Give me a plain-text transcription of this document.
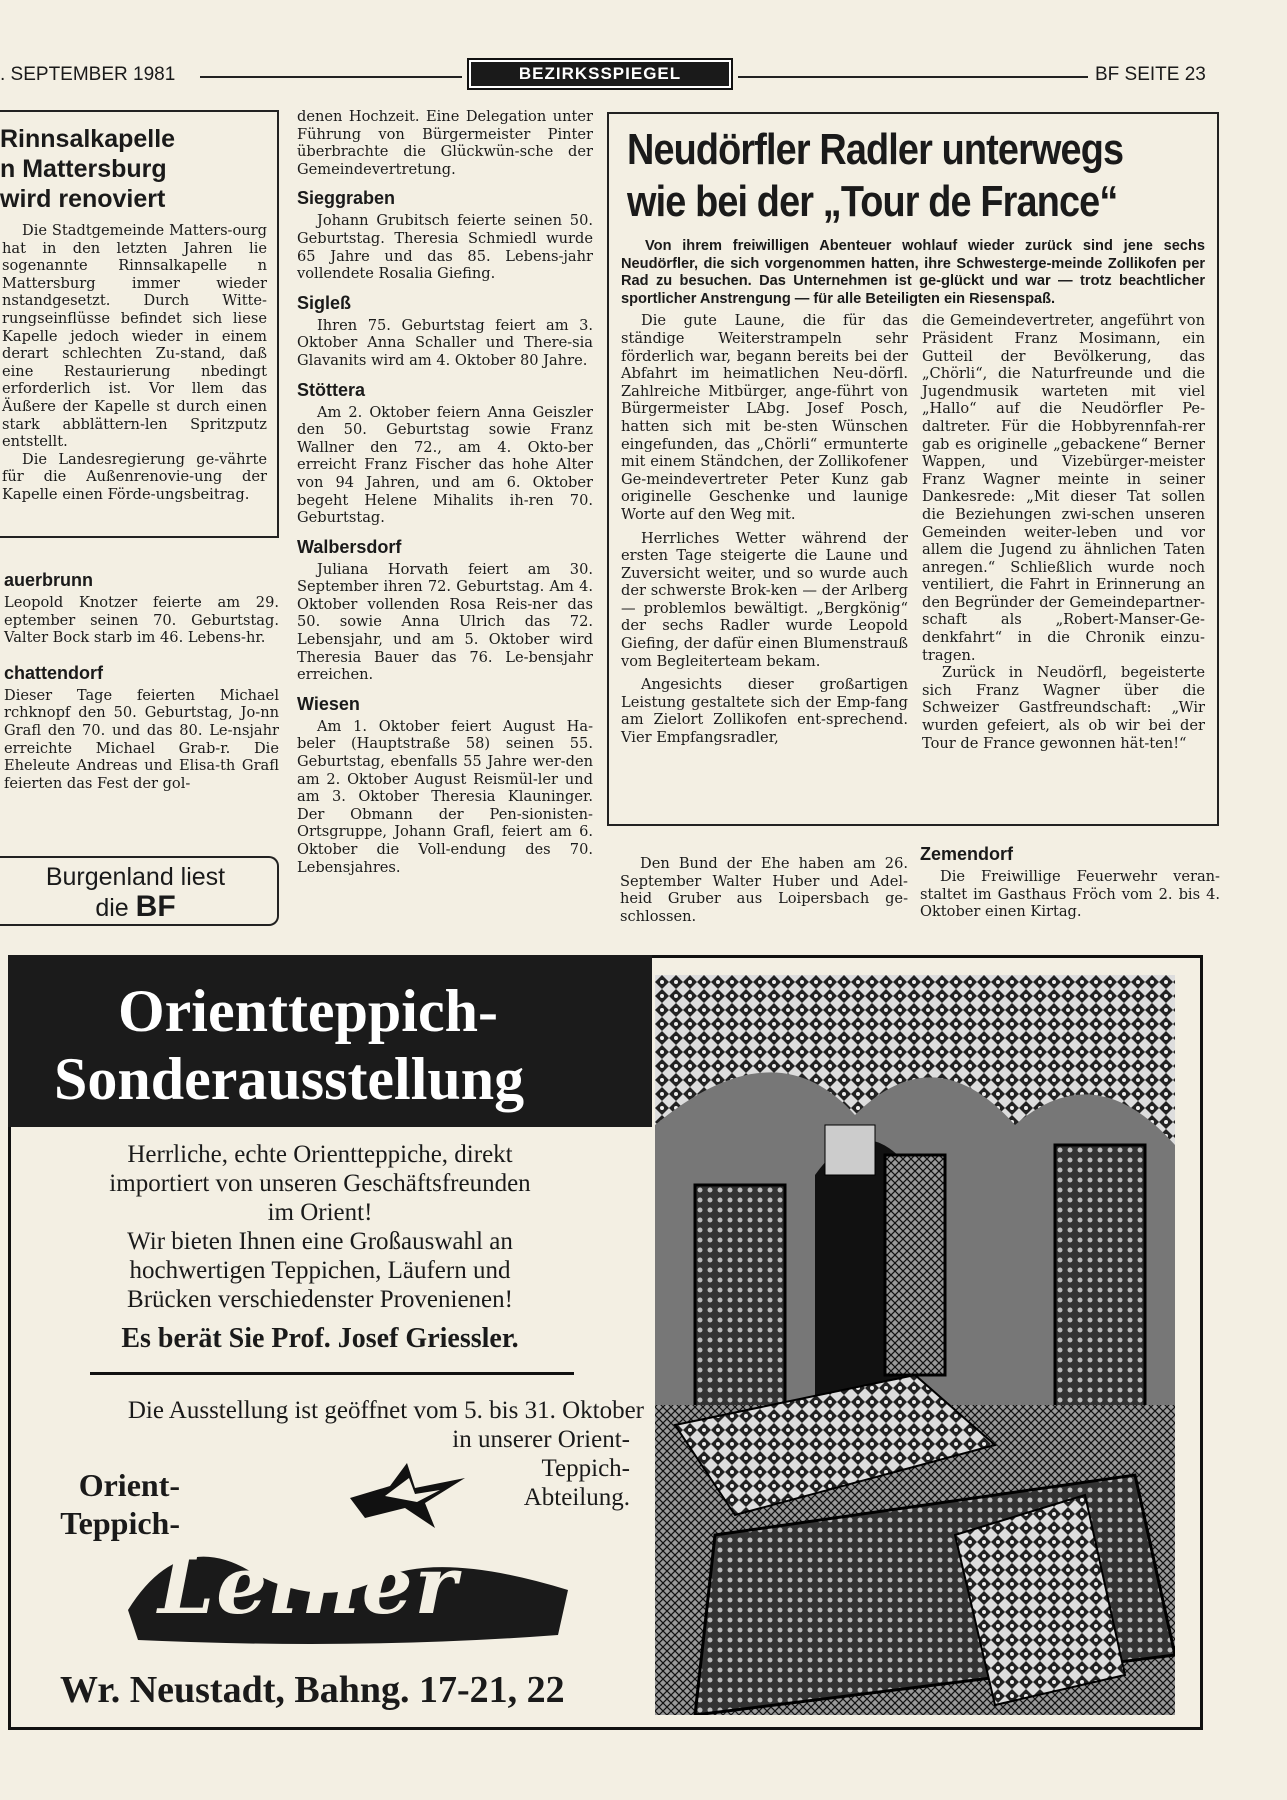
. SEPTEMBER 1981	BEZIRKSSPIEGEL	BF SEITE 23
Rinnsalkapelle
n Mattersburg
wird renoviert

Die Stadtgemeinde Matters-ourg hat in den letzten Jahren lie sogenannte Rinnsalkapelle n Mattersburg immer wieder nstandgesetzt. Durch Witte-rungseinflüsse befindet sich liese Kapelle jedoch wieder in einem derart schlechten Zu-stand, daß eine Restaurierung nbedingt erforderlich ist. Vor llem das Äußere der Kapelle st durch einen stark abblättern-len Spritzputz entstellt.

Die Landesregierung ge-vährte für die Außenrenovie-ung der Kapelle einen Förde-ungsbeitrag.

auerbrunn
Leopold Knotzer feierte am 29. eptember seinen 70. Geburtstag. Valter Bock starb im 46. Lebens-hr.
chattendorf
Dieser Tage feierten Michael rchknopf den 50. Geburtstag, Jo-nn Grafl den 70. und das 80. Le-nsjahr erreichte Michael Grab-r. Die Eheleute Andreas und Elisa-th Grafl feierten das Fest der gol-
Burgenland liest
die BF
denen Hochzeit. Eine Delegation unter Führung von Bürgermeister Pinter überbrachte die Glückwün-sche der Gemeindevertretung.
Sieggraben
Johann Grubitsch feierte seinen 50. Geburtstag. Theresia Schmiedl wurde 65 Jahre und das 85. Lebens-jahr vollendete Rosalia Giefing.
Sigleß
Ihren 75. Geburtstag feiert am 3. Oktober Anna Schaller und There-sia Glavanits wird am 4. Oktober 80 Jahre.
Stöttera
Am 2. Oktober feiern Anna Geiszler den 50. Geburtstag sowie Franz Wallner den 72., am 4. Okto-ber erreicht Franz Fischer das hohe Alter von 94 Jahren, und am 6. Oktober begeht Helene Mihalits ih-ren 70. Geburtstag.
Walbersdorf
Juliana Horvath feiert am 30. September ihren 72. Geburtstag. Am 4. Oktober vollenden Rosa Reis-ner das 50. sowie Anna Ulrich das 72. Lebensjahr, und am 5. Oktober wird Theresia Bauer das 76. Le-bensjahr erreichen.
Wiesen
Am 1. Oktober feiert August Ha-beler (Hauptstraße 58) seinen 55. Geburtstag, ebenfalls 55 Jahre wer-den am 2. Oktober August Reismül-ler und am 3. Oktober Theresia Klauninger. Der Obmann der Pen-sionisten-Ortsgruppe, Johann Grafl, feiert am 6. Oktober die Voll-endung des 70. Lebensjahres.
Neudörfler Radler unterwegs
wie bei der „Tour de France“
Von ihrem freiwilligen Abenteuer wohlauf wieder zurück sind jene sechs Neudörfler, die sich vorgenommen hatten, ihre Schwesterge-meinde Zollikofen per Rad zu besuchen. Das Unternehmen ist ge-glückt und war — trotz beachtlicher sportlicher Anstrengung — für alle Beteiligten ein Riesenspaß.

Die gute Laune, die für das ständige Weiterstrampeln sehr förderlich war, begann bereits bei der Abfahrt im heimatlichen Neu-dörfl. Zahlreiche Mitbürger, ange-führt von Bürgermeister LAbg. Josef Posch, hatten sich mit be-sten Wünschen eingefunden, das „Chörli“ ermunterte mit einem Ständchen, der Zollikofener Ge-meindevertreter Peter Kunz gab originelle Geschenke und launige Worte auf den Weg mit.

Herrliches Wetter während der ersten Tage steigerte die Laune und Zuversicht weiter, und so wurde auch der schwerste Brok-ken — der Arlberg — problemlos bewältigt. „Bergkönig“ der sechs Radler wurde Leopold Giefing, der dafür einen Blumenstrauß vom Begleiterteam bekam.

Angesichts dieser großartigen Leistung gestaltete sich der Emp-fang am Zielort Zollikofen ent-sprechend. Vier Empfangsradler,

die Gemeindevertreter, angeführt von Präsident Franz Mosimann, ein Gutteil der Bevölkerung, das „Chörli“, die Naturfreunde und die Jugendmusik warteten mit viel „Hallo“ auf die Neudörfler Pe-daltreter. Für die Hobbyrennfah-rer gab es originelle „gebackene“ Berner Wappen, und Vizebürger-meister Franz Wagner meinte in seiner Dankesrede: „Mit dieser Tat sollen die Beziehungen zwi-schen unseren Gemeinden weiter-leben und vor allem die Jugend zu ähnlichen Taten anregen.“ Schließlich wurde noch ventiliert, die Fahrt in Erinnerung an den Begründer der Gemeindepartner-schaft als „Robert-Manser-Ge-denkfahrt“ in die Chronik einzu-tragen.

Zurück in Neudörfl, begeisterte sich Franz Wagner über die Schweizer Gastfreundschaft: „Wir wurden gefeiert, als ob wir bei der Tour de France gewonnen hät-ten!“

Den Bund der Ehe haben am 26. September Walter Huber und Adel-heid Gruber aus Loipersbach ge-schlossen.
Zemendorf
Die Freiwillige Feuerwehr veran-staltet im Gasthaus Fröch vom 2. bis 4. Oktober einen Kirtag.
Orientteppich-
Sonderausstellung
Herrliche, echte Orientteppiche, direkt
importiert von unseren Geschäftsfreunden
im Orient!
Wir bieten Ihnen eine Großauswahl an
hochwertigen Teppichen, Läufern und
Brücken verschiedenster Provenienen!
Es berät Sie Prof. Josef Griessler.
Die Ausstellung ist geöffnet vom 5. bis 31. Oktober
in unserer Orient-
Teppich-
Abteilung.
Orient-
Teppich-
Leiner
Wr. Neustadt, Bahng. 17-21, 22
